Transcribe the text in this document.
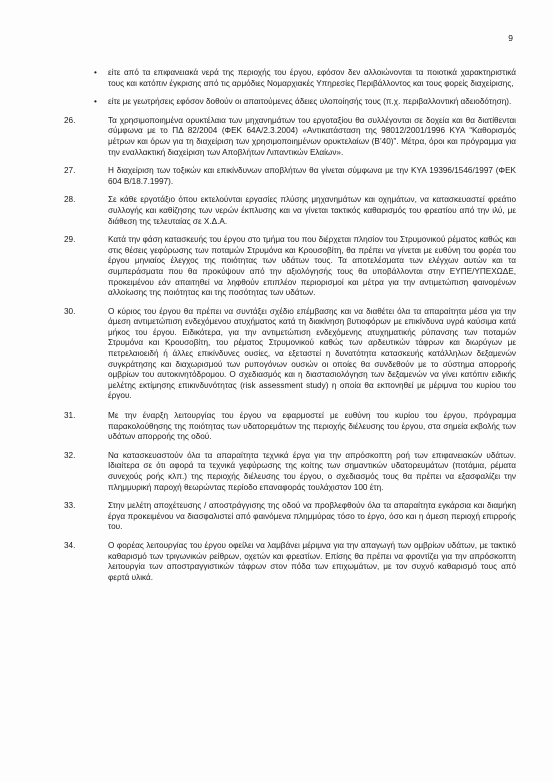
9
• είτε από τα επιφανειακά νερά της περιοχής του έργου, εφόσον δεν αλλοιώνονται τα ποιοτικά χαρακτηριστικά τους και κατόπιν έγκρισης από τις αρμόδιες Νομαρχιακές Υπηρεσίες Περιβάλλοντος και τους φορείς διαχείρισης,
• είτε με γεωτρήσεις εφόσον δοθούν οι απαιτούμενες άδειες υλοποίησής τους (π.χ. περιβαλλοντική αδειοδότηση).
26.	Τα χρησιμοποιημένα ορυκτέλαια των μηχανημάτων του εργοταξίου θα συλλέγονται σε δοχεία και θα διατίθενται σύμφωνα με το ΠΔ 82/2004 (ΦΕΚ 64Α/2.3.2004) «Αντικατάσταση της 98012/2001/1996 ΚΥΑ “Καθορισμός μέτρων και όρων για τη διαχείριση των χρησιμοποιημένων ορυκτελαίων (Β’40)”. Μέτρα, όροι και πρόγραμμα για την εναλλακτική διαχείριση των Αποβλήτων Λιπαντικών Ελαίων».
27.	Η διαχείριση των τοξικών και επικίνδυνων αποβλήτων θα γίνεται σύμφωνα με την ΚΥΑ 19396/1546/1997 (ΦΕΚ 604 Β/18.7.1997).
28.	Σε κάθε εργοτάξιο όπου εκτελούνται εργασίες πλύσης μηχανημάτων και οχημάτων, να κατασκευαστεί φρεάτιο συλλογής και καθίζησης των νερών έκπλυσης και να γίνεται τακτικός καθαρισμός του φρεατίου από την ιλύ, με διάθεση της τελευταίας σε Χ.Δ.Α.
29.	Κατά την φάση κατασκευής του έργου στο τμήμα του που διέρχεται πλησίον του Στρυμονικού ρέματος καθώς και στις θέσεις γεφύρωσης των ποταμών Στρυμόνα και Κρουσοβίτη, θα πρέπει να γίνεται με ευθύνη του φορέα του έργου μηνιαίος έλεγχος της ποιότητας των υδάτων τους. Τα αποτελέσματα των ελέγχων αυτών και τα συμπεράσματα που θα προκύψουν από την αξιολόγησής τους θα υποβάλλονται στην ΕΥΠΕ/ΥΠΕΧΩΔΕ, προκειμένου εάν απαιτηθεί να ληφθούν επιπλέον περιορισμοί και μέτρα για την αντιμετώπιση φαινομένων αλλοίωσης της ποιότητας και της ποσότητας των υδάτων.
30.	Ο κύριος του έργου θα πρέπει να συντάξει σχέδιο επέμβασης και να διαθέτει όλα τα απαραίτητα μέσα για την άμεση αντιμετώπιση ενδεχόμενου ατυχήματος κατά τη διακίνηση βυτιοφόρων με επικίνδυνα υγρά καύσιμα κατά μήκος του έργου. Ειδικότερα, για την αντιμετώπιση ενδεχόμενης ατυχηματικής ρύπανσης των ποταμών Στρυμόνα και Κρουσοβίτη, του ρέματος Στρυμονικού καθώς των αρδευτικών τάφρων και διωρύγων με πετρελαιοειδή ή άλλες επικίνδυνες ουσίες, να εξεταστεί η δυνατότητα κατασκευής κατάλληλων δεξαμενών συγκράτησης και διαχωρισμού των ρυπογόνων ουσιών οι οποίες θα συνδεθούν με το σύστημα απορροής ομβρίων του αυτοκινητόδρομου. Ο σχεδιασμός και η διαστασιολόγηση των δεξαμενών να γίνει κατόπιν ειδικής μελέτης εκτίμησης επικινδυνότητας (risk assessment study) η οποία θα εκπονηθεί με μέριμνα του κυρίου του έργου.
31.	Με την έναρξη λειτουργίας του έργου να εφαρμοστεί με ευθύνη του κυρίου του έργου, πρόγραμμα παρακολούθησης της ποιότητας των υδατορεμάτων της περιοχής διέλευσης του έργου, στα σημεία εκβολής των υδάτων απορροής της οδού.
32.	Να κατασκευαστούν όλα τα απαραίτητα τεχνικά έργα για την απρόσκοπτη ροή των επιφανειακών υδάτων. Ιδιαίτερα σε ότι αφορά τα τεχνικά γεφύρωσης της κοίτης των σημαντικών υδατορευμάτων (ποτάμια, ρέματα συνεχούς ροής κλπ.) της περιοχής διέλευσης του έργου, ο σχεδιασμός τους θα πρέπει να εξασφαλίζει την πλημμυρική παροχή θεωρώντας περίοδο επαναφοράς τουλάχιστον 100 έτη.
33.	Στην μελέτη αποχέτευσης / αποστράγγισης της οδού να προβλεφθούν όλα τα απαραίτητα εγκάρσια και διαμήκη έργα προκειμένου να διασφαλιστεί από φαινόμενα πλημμύρας τόσο το έργο, όσο και η άμεση περιοχή επιρροής του.
34.	Ο φορέας λειτουργίας του έργου οφείλει να λαμβάνει μέριμνα για την απαγωγή των ομβρίων υδάτων, με τακτικό καθαρισμό των τριγωνικών ρείθρων, οχετών και φρεατίων. Επίσης θα πρέπει να φροντίζει για την απρόσκοπτη λειτουργία των αποστραγγιστικών τάφρων στον πόδα των επιχωμάτων, με τον συχνό καθαρισμό τους από φερτά υλικά.
